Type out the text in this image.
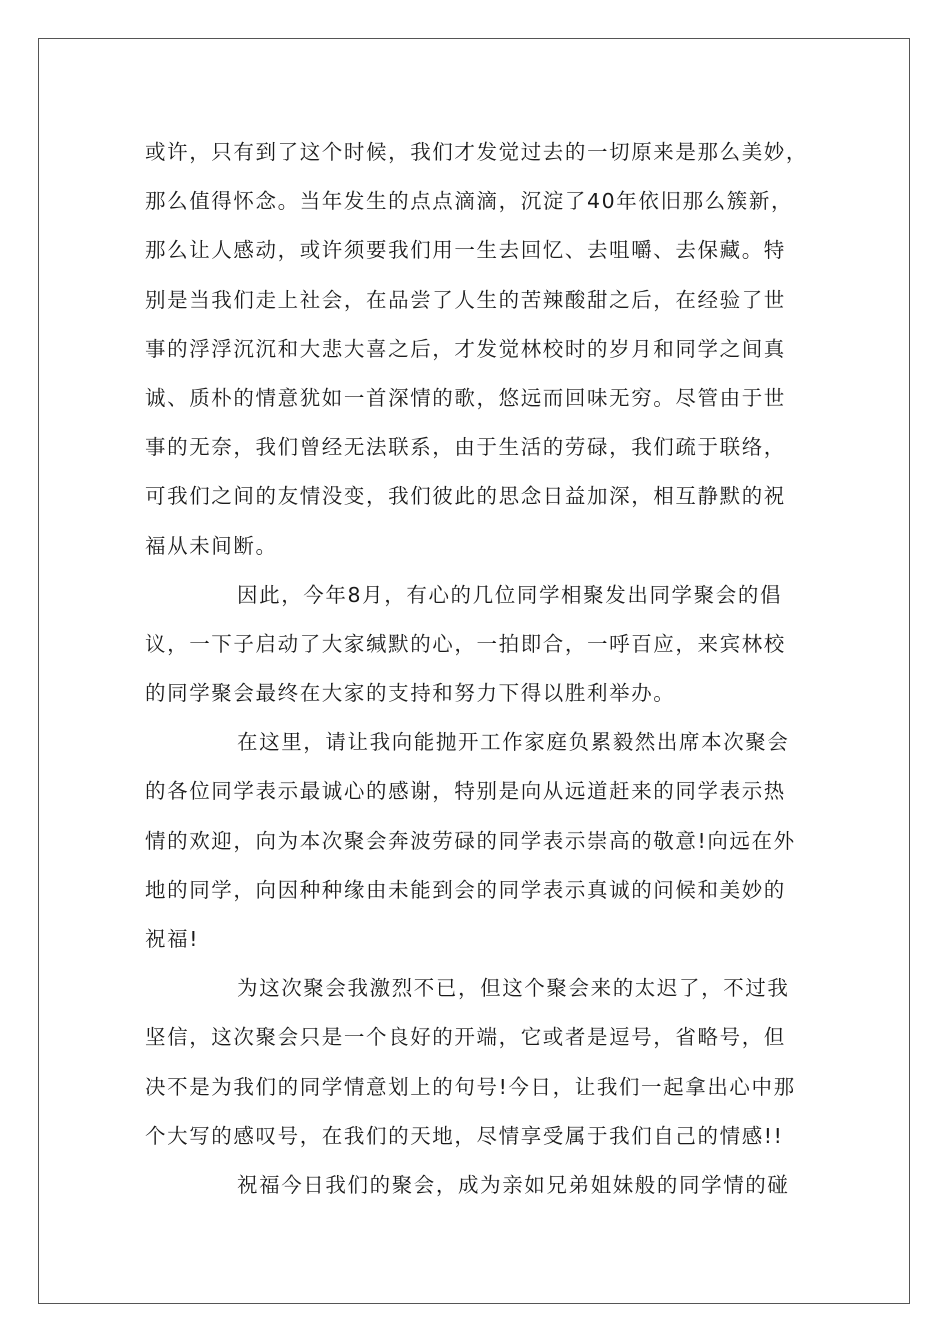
或许，只有到了这个时候，我们才发觉过去的一切原来是那么美妙，
那么值得怀念。当年发生的点点滴滴，沉淀了40年依旧那么簇新，
那么让人感动，或许须要我们用一生去回忆、去咀嚼、去保藏。特
别是当我们走上社会，在品尝了人生的苦辣酸甜之后，在经验了世
事的浮浮沉沉和大悲大喜之后，才发觉林校时的岁月和同学之间真
诚、质朴的情意犹如一首深情的歌，悠远而回味无穷。尽管由于世
事的无奈，我们曾经无法联系，由于生活的劳碌，我们疏于联络，
可我们之间的友情没变，我们彼此的思念日益加深，相互静默的祝
福从未间断。
因此，今年8月，有心的几位同学相聚发出同学聚会的倡
议，一下子启动了大家缄默的心，一拍即合，一呼百应，来宾林校
的同学聚会最终在大家的支持和努力下得以胜利举办。
在这里，请让我向能抛开工作家庭负累毅然出席本次聚会
的各位同学表示最诚心的感谢，特别是向从远道赶来的同学表示热
情的欢迎，向为本次聚会奔波劳碌的同学表示崇高的敬意!向远在外
地的同学，向因种种缘由未能到会的同学表示真诚的问候和美妙的
祝福!
为这次聚会我激烈不已，但这个聚会来的太迟了，不过我
坚信，这次聚会只是一个良好的开端，它或者是逗号，省略号，但
决不是为我们的同学情意划上的句号!今日，让我们一起拿出心中那
个大写的感叹号，在我们的天地，尽情享受属于我们自己的情感!!
祝福今日我们的聚会，成为亲如兄弟姐妹般的同学情的碰
